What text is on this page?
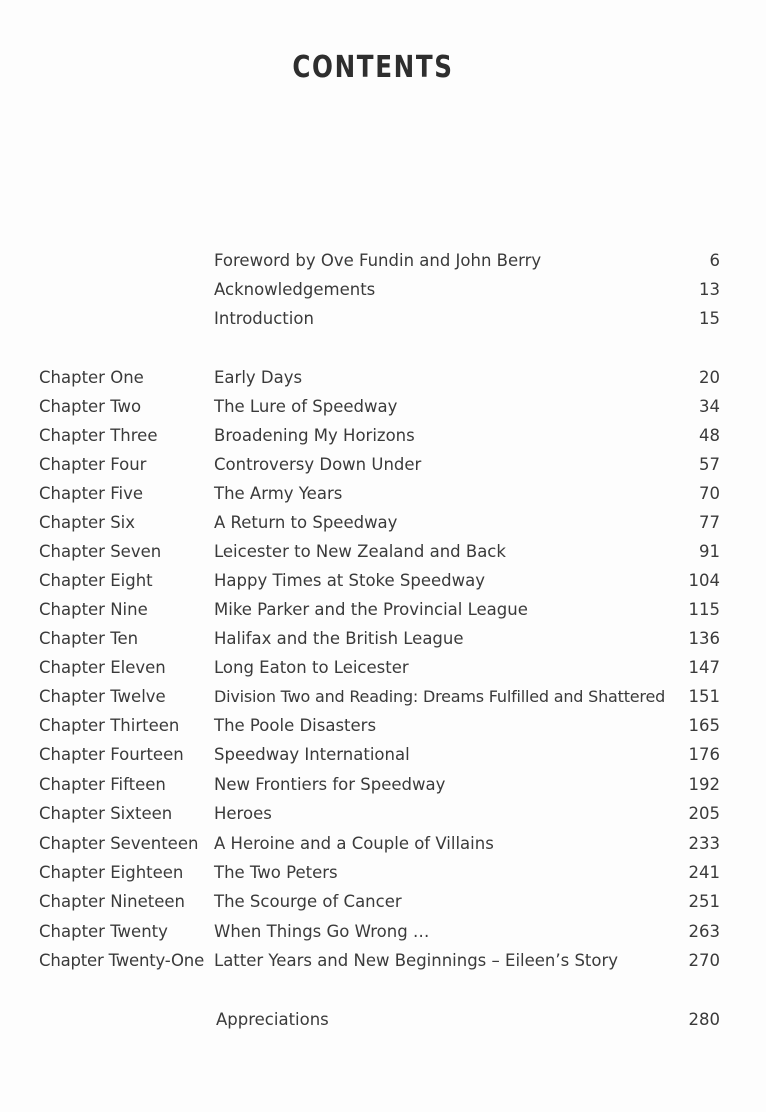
CONTENTS
Foreword by Ove Fundin and John Berry	6
Acknowledgements	13
Introduction	15
Chapter One	Early Days	20
Chapter Two	The Lure of Speedway	34
Chapter Three	Broadening My Horizons	48
Chapter Four	Controversy Down Under	57
Chapter Five	The Army Years	70
Chapter Six	A Return to Speedway	77
Chapter Seven	Leicester to New Zealand and Back	91
Chapter Eight	Happy Times at Stoke Speedway	104
Chapter Nine	Mike Parker and the Provincial League	115
Chapter Ten	Halifax and the British League	136
Chapter Eleven	Long Eaton to Leicester	147
Chapter Twelve	Division Two and Reading: Dreams Fulfilled and Shattered 151
Chapter Thirteen The Poole Disasters	165
Chapter Fourteen Speedway International	176
Chapter Fifteen	New Frontiers for Speedway	192
Chapter Sixteen	Heroes	205
Chapter Seventeen A Heroine and a Couple of Villains	233
Chapter Eighteen The Two Peters	241
Chapter Nineteen The Scourge of Cancer	251
Chapter Twenty	When Things Go Wrong …	263
Chapter Twenty-One Latter Years and New Beginnings – Eileen’s Story	270
Appreciations	280
